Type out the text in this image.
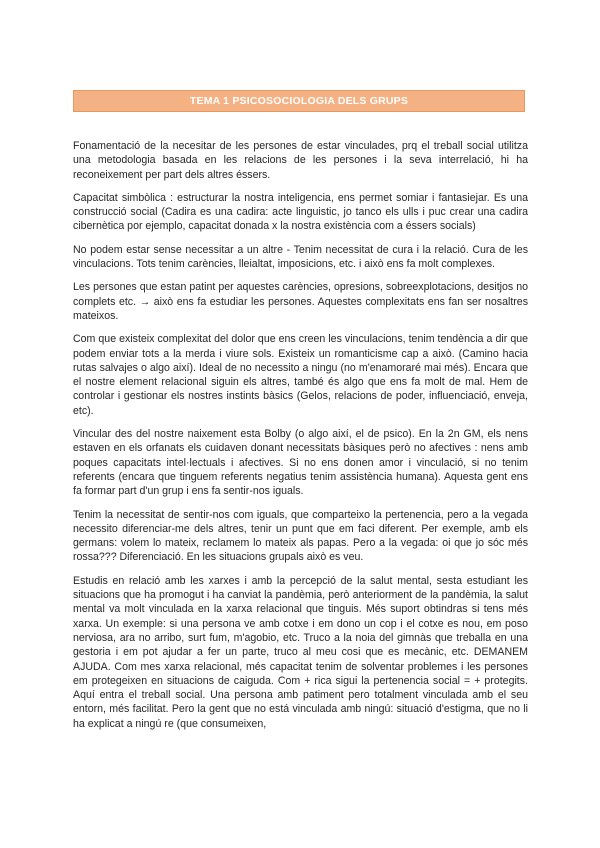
TEMA 1 PSICOSOCIOLOGIA DELS GRUPS

Fonamentació de la necesitar de les persones de estar vinculades, prq el treball social utilitza una metodologia basada en les relacions de les persones i la seva interrelació, hi ha reconeixement per part dels altres éssers.

Capacitat simbòlica : estructurar la nostra inteligencia, ens permet somiar i fantasiejar. Es una construcció social (Cadira es una cadira: acte linguistic, jo tanco els ulls i puc crear una cadira cibernètica por ejemplo, capacitat donada x la nostra existència com a éssers socials)

No podem estar sense necessitar a un altre - Tenim necessitat de cura i la relació. Cura de les vinculacions. Tots tenim carències, lleialtat, imposicions, etc. i això ens fa molt complexes.

Les persones que estan patint per aquestes carències, opresions, sobreexplotacions, desitjos no complets etc. → això ens fa estudiar les persones. Aquestes complexitats ens fan ser nosaltres mateixos.

Com que existeix complexitat del dolor que ens creen les vinculacions, tenim tendència a dir que podem enviar tots a la merda i viure sols. Existeix un romanticisme cap a això. (Camino hacia rutas salvajes o algo així). Ideal de no necessito a ningu (no m'enamoraré mai més). Encara que el nostre element relacional siguin els altres, també és algo que ens fa molt de mal. Hem de controlar i gestionar els nostres instints bàsics (Gelos, relacions de poder, influenciació, enveja, etc).

Vincular des del nostre naixement esta Bolby (o algo així, el de psico). En la 2n GM, els nens estaven en els orfanats els cuidaven donant necessitats bàsiques però no afectives : nens amb poques capacitats intel·lectuals i afectives. Si no ens donen amor i vinculació, si no tenim referents (encara que tinguem referents negatius tenim assistència humana). Aquesta gent ens fa formar part d'un grup i ens fa sentir-nos iguals.

Tenim la necessitat de sentir-nos com iguals, que comparteixo la pertenencia, pero a la vegada necessito diferenciar-me dels altres, tenir un punt que em faci diferent. Per exemple, amb els germans: volem lo mateix, reclamem lo mateix als papas. Pero a la vegada: oi que jo sóc més rossa??? Diferenciació. En les situacions grupals això es veu.

Estudis en relació amb les xarxes i amb la percepció de la salut mental, sesta estudiant les situacions que ha promogut i ha canviat la pandèmia, però anteriorment de la pandèmia, la salut mental va molt vinculada en la xarxa relacional que tinguis. Més suport obtindras si tens més xarxa. Un exemple: si una persona ve amb cotxe i em dono un cop i el cotxe es nou, em poso nerviosa, ara no arribo, surt fum, m'agobio, etc. Truco a la noia del gimnàs que treballa en una gestoria i em pot ajudar a fer un parte, truco al meu cosi que es mecànic, etc. DEMANEM AJUDA. Com mes xarxa relacional, més capacitat tenim de solventar problemes i les persones em protegeixen en situacions de caiguda. Com + rica sigui la pertenencia social = + protegits. Aquí entra el treball social. Una persona amb patiment pero totalment vinculada amb el seu entorn, més facilitat. Pero la gent que no está vinculada amb ningú: situació d'estigma, que no li ha explicat a ningú re (que consumeixen,
